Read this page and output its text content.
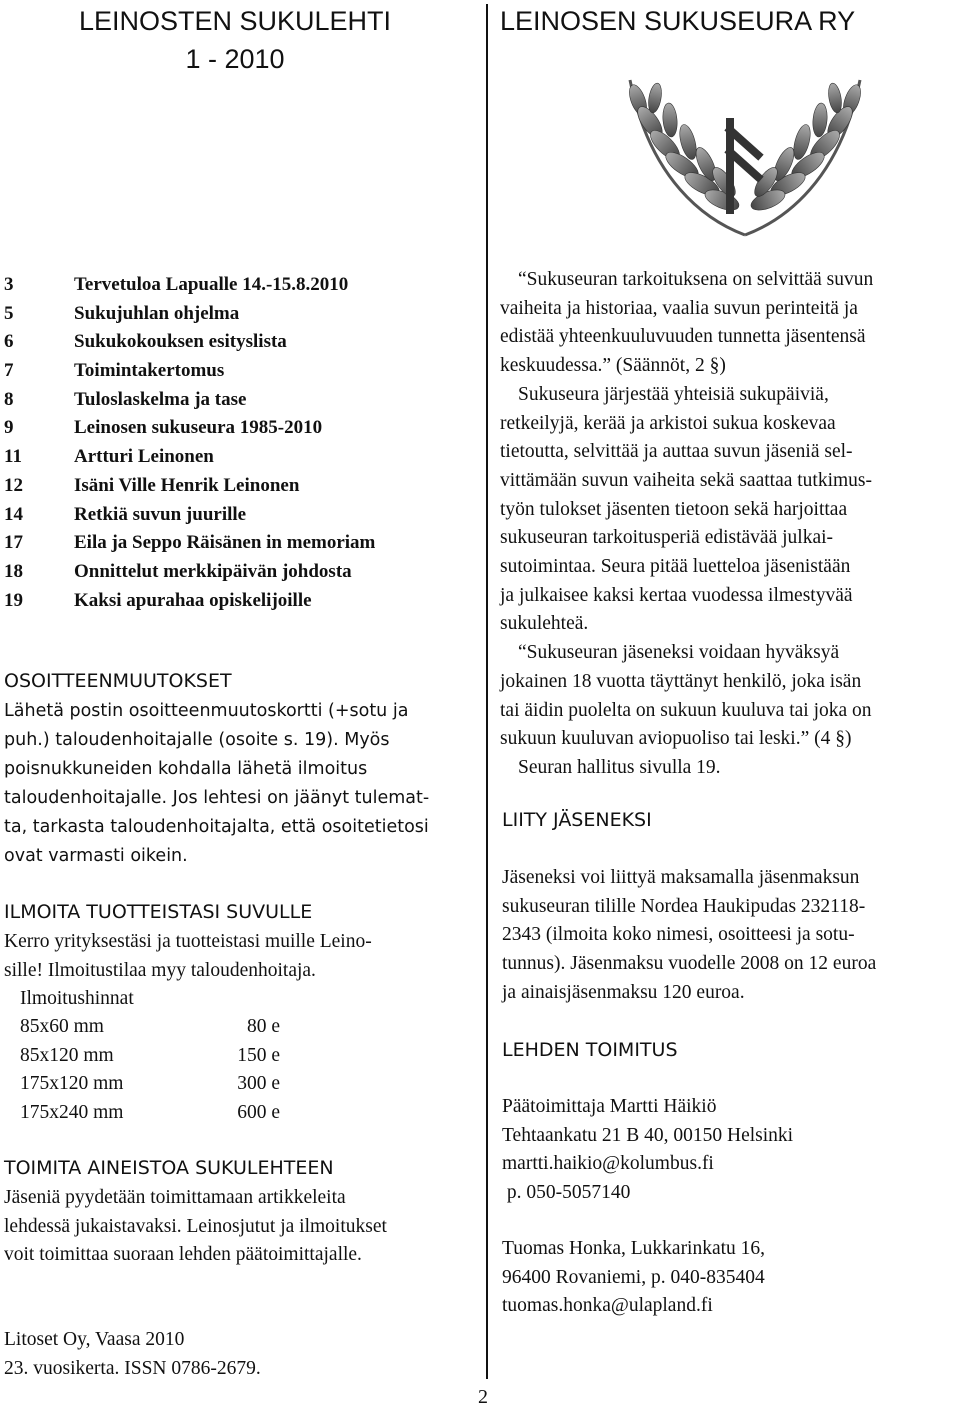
LEINOSTEN SUKULEHTI
1 - 2010
LEINOSEN SUKUSEURA RY
3	Tervetuloa Lapualle 14.-15.8.2010
5	Sukujuhlan ohjelma
6	Sukukokouksen esityslista
7	Toimintakertomus
8	Tuloslaskelma ja tase
9	Leinosen sukuseura 1985-2010
11	Artturi Leinonen
12	Isäni Ville Henrik Leinonen
14	Retkiä suvun juurille
17	Eila ja Seppo Räisänen in memoriam
18	Onnittelut merkkipäivän johdosta
19	Kaksi apurahaa opiskelijoille
OSOITTEENMUUTOKSET
Lähetä postin osoitteenmuutoskortti (+sotu ja
puh.) taloudenhoitajalle (osoite s. 19). Myös
poisnukkuneiden kohdalla lähetä ilmoitus
taloudenhoitajalle. Jos lehtesi on jäänyt tulemat-
ta, tarkasta taloudenhoitajalta, että osoitetietosi
ovat varmasti oikein.
ILMOITA TUOTTEISTASI SUVULLE
Kerro yrityksestäsi ja tuotteistasi muille Leino-
sille! Ilmoitustilaa myy taloudenhoitaja.
Ilmoitushinnat
85x60 mm	80 e
85x120 mm	150 e
175x120 mm	300 e
175x240 mm	600 e
TOIMITA AINEISTOA SUKULEHTEEN
Jäseniä pyydetään toimittamaan artikkeleita
lehdessä jukaistavaksi. Leinosjutut ja ilmoitukset
voit toimittaa suoraan lehden päätoimittajalle.
Litoset Oy, Vaasa 2010
23. vuosikerta. ISSN 0786-2679.
2

“Sukuseuran tarkoituksena on selvittää suvun

vaiheita ja historiaa, vaalia suvun perinteitä ja

edistää yhteenkuuluvuuden tunnetta jäsentensä

keskuudessa.” (Säännöt, 2 §)

Sukuseura järjestää yhteisiä sukupäiviä,

retkeilyjä, kerää ja arkistoi sukua koskevaa

tietoutta, selvittää ja auttaa suvun jäseniä sel-

vittämään suvun vaiheita sekä saattaa tutkimus-

työn tulokset jäsenten tietoon sekä harjoittaa

sukuseuran tarkoitusperiä edistävää julkai-

sutoimintaa. Seura pitää luetteloa jäsenistään

ja julkaisee kaksi kertaa vuodessa ilmestyvää

sukulehteä.

“Sukuseuran jäseneksi voidaan hyväksyä

jokainen 18 vuotta täyttänyt henkilö, joka isän

tai äidin puolelta on sukuun kuuluva tai joka on

sukuun kuuluvan aviopuoliso tai leski.” (4 §)

Seuran hallitus sivulla 19.

LIITY JÄSENEKSI
Jäseneksi voi liittyä maksamalla jäsenmaksun
sukuseuran tilille Nordea Haukipudas 232118-
2343 (ilmoita koko nimesi, osoitteesi ja sotu-
tunnus). Jäsenmaksu vuodelle 2008 on 12 euroa
ja ainaisjäsenmaksu 120 euroa.
LEHDEN TOIMITUS
Päätoimittaja Martti Häikiö
Tehtaankatu 21 B 40, 00150 Helsinki
martti.haikio@kolumbus.fi
p. 050-5057140
Tuomas Honka, Lukkarinkatu 16,
96400 Rovaniemi, p. 040-835404
tuomas.honka@ulapland.fi
